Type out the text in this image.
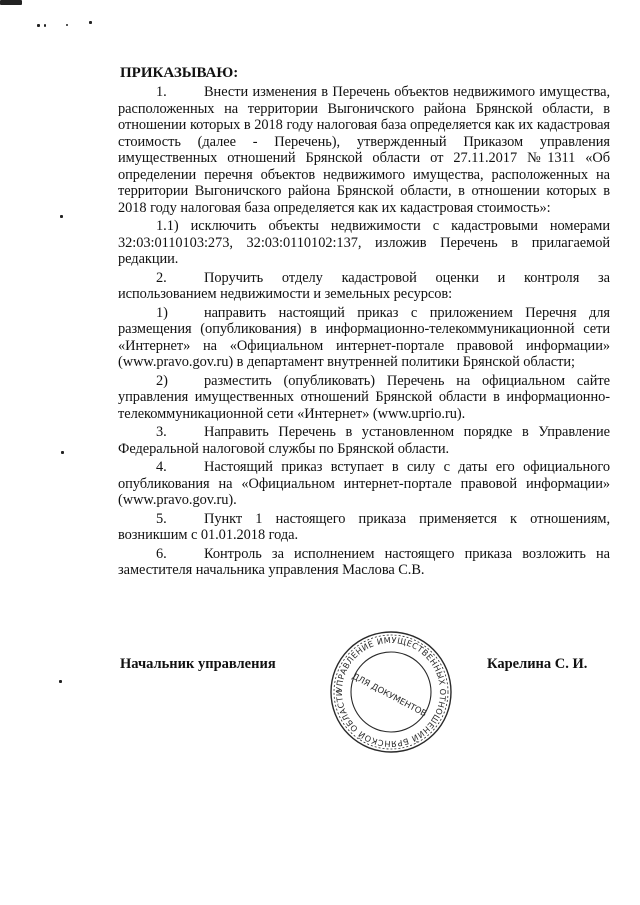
ПРИКАЗЫВАЮ:

1.	Внести изменения в Перечень объектов недвижимого имущества, расположенных на территории Выгоничского района Брянской области, в отношении которых в 2018 году налоговая база определяется как их кадастровая стоимость (далее - Перечень), утвержденный Приказом управления имущественных отношений Брянской области от 27.11.2017 №1311 «Об определении перечня объектов недвижимого имущества, расположенных на территории Выгоничского района Брянской области, в отношении которых в 2018 году налоговая база определяется как их кадастровая стоимость»:

1.1) исключить объекты недвижимости с кадастровыми номерами 32:03:0110103:273, 32:03:0110102:137, изложив Перечень в прилагаемой редакции.

2.	Поручить отделу кадастровой оценки и контроля за использованием недвижимости и земельных ресурсов:

1)	направить настоящий приказ с приложением Перечня для размещения (опубликования) в информационно-телекоммуникационной сети «Интернет» на «Официальном интернет-портале правовой информации» (www.pravo.gov.ru) в департамент внутренней политики Брянской области;

2)	разместить (опубликовать) Перечень на официальном сайте управления имущественных отношений Брянской области в информационно-телекоммуникационной сети «Интернет» (www.uprio.ru).

3.	Направить Перечень в установленном порядке в Управление Федеральной налоговой службы по Брянской области.

4.	Настоящий приказ вступает в силу с даты его официального опубликования на «Официальном интернет-портале правовой информации» (www.pravo.gov.ru).

5.	Пункт 1 настоящего приказа применяется к отношениям, возникшим с 01.01.2018 года.

6.	Контроль за исполнением настоящего приказа возложить на заместителя начальника управления Маслова С.В.

Начальник управления	Карелина С. И.
УПРАВЛЕНИЕ ИМУЩЕСТВЕННЫХ ОТНОШЕНИЙ БРЯНСКОЙ ОБЛАСТИ ДЛЯ ДОКУМЕНТОВ
